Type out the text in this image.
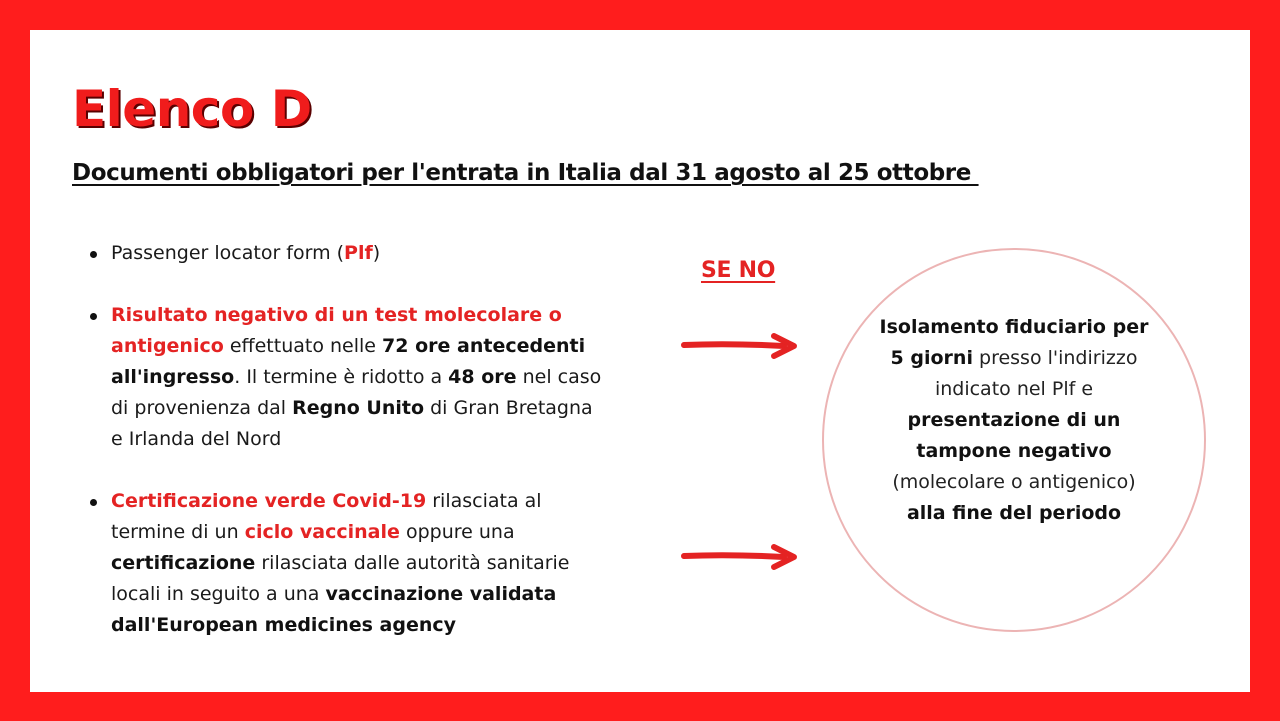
Elenco D
Documenti obbligatori per l'entrata in Italia dal 31 agosto al 25 ottobre
Passenger locator form (Plf)
Risultato negativo di un test molecolare o antigenico effettuato nelle 72 ore antecedenti all'ingresso. Il termine è ridotto a 48 ore nel caso di provenienza dal Regno Unito di Gran Bretagna e Irlanda del Nord
Certificazione verde Covid-19 rilasciata al termine di un ciclo vaccinale oppure una certificazione rilasciata dalle autorità sanitarie locali in seguito a una vaccinazione validata dall'European medicines agency
SE NO
Isolamento fiduciario per 5 giorni presso l'indirizzo indicato nel Plf e presentazione di un tampone negativo (molecolare o antigenico) alla fine del periodo
